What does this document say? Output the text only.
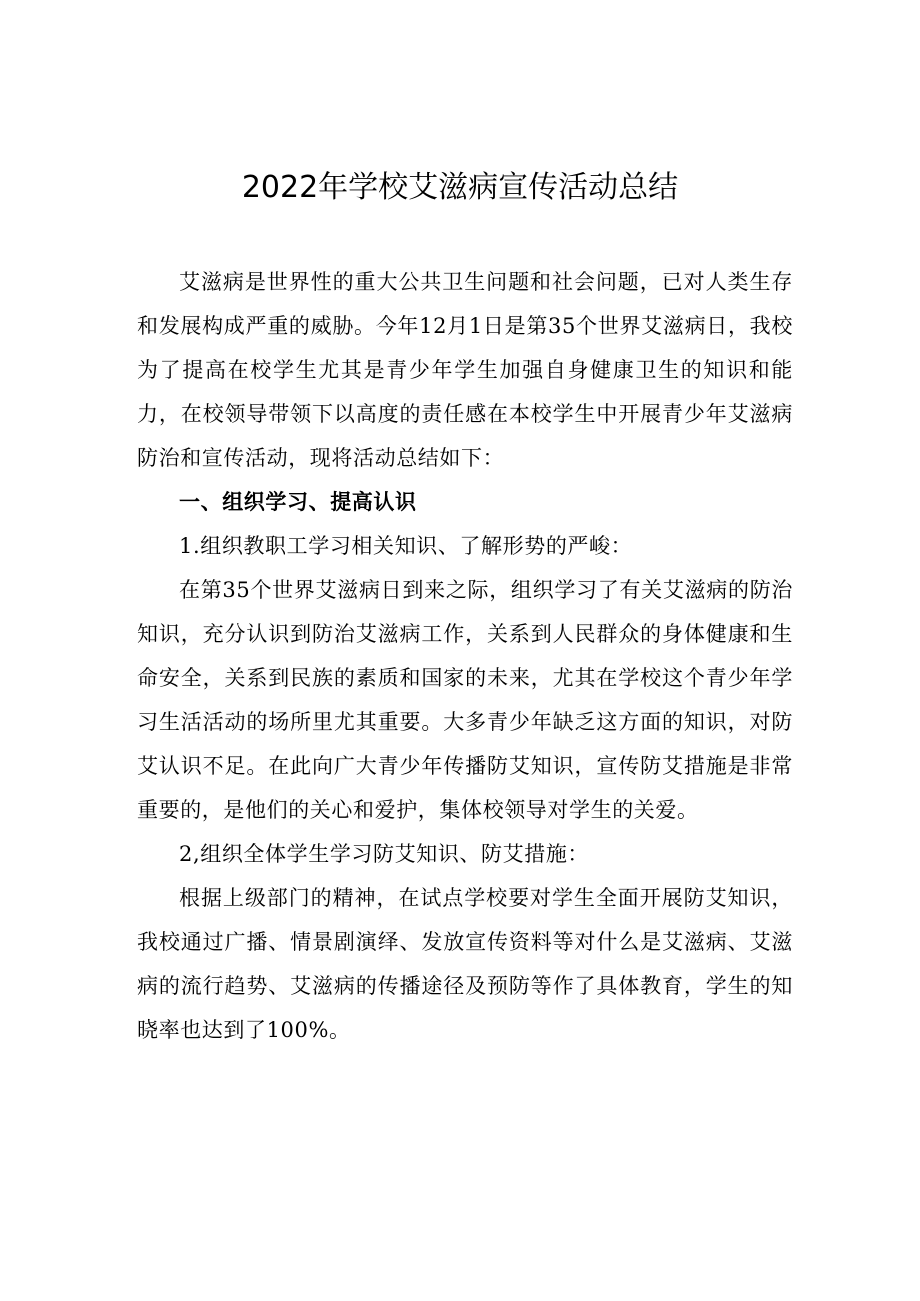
2022年学校艾滋病宣传活动总结

艾滋病是世界性的重大公共卫生问题和社会问题，已对人类生存和发展构成严重的威胁。今年12月1日是第35个世界艾滋病日，我校为了提高在校学生尤其是青少年学生加强自身健康卫生的知识和能力，在校领导带领下以高度的责任感在本校学生中开展青少年艾滋病防治和宣传活动，现将活动总结如下：

一、组织学习、提高认识

1.组织教职工学习相关知识、了解形势的严峻：

在第35个世界艾滋病日到来之际，组织学习了有关艾滋病的防治知识，充分认识到防治艾滋病工作，关系到人民群众的身体健康和生命安全，关系到民族的素质和国家的未来，尤其在学校这个青少年学习生活活动的场所里尤其重要。大多青少年缺乏这方面的知识，对防艾认识不足。在此向广大青少年传播防艾知识，宣传防艾措施是非常重要的，是他们的关心和爱护，集体校领导对学生的关爱。

2,组织全体学生学习防艾知识、防艾措施：

根据上级部门的精神，在试点学校要对学生全面开展防艾知识，我校通过广播、情景剧演绎、发放宣传资料等对什么是艾滋病、艾滋病的流行趋势、艾滋病的传播途径及预防等作了具体教育，学生的知晓率也达到了100%。
